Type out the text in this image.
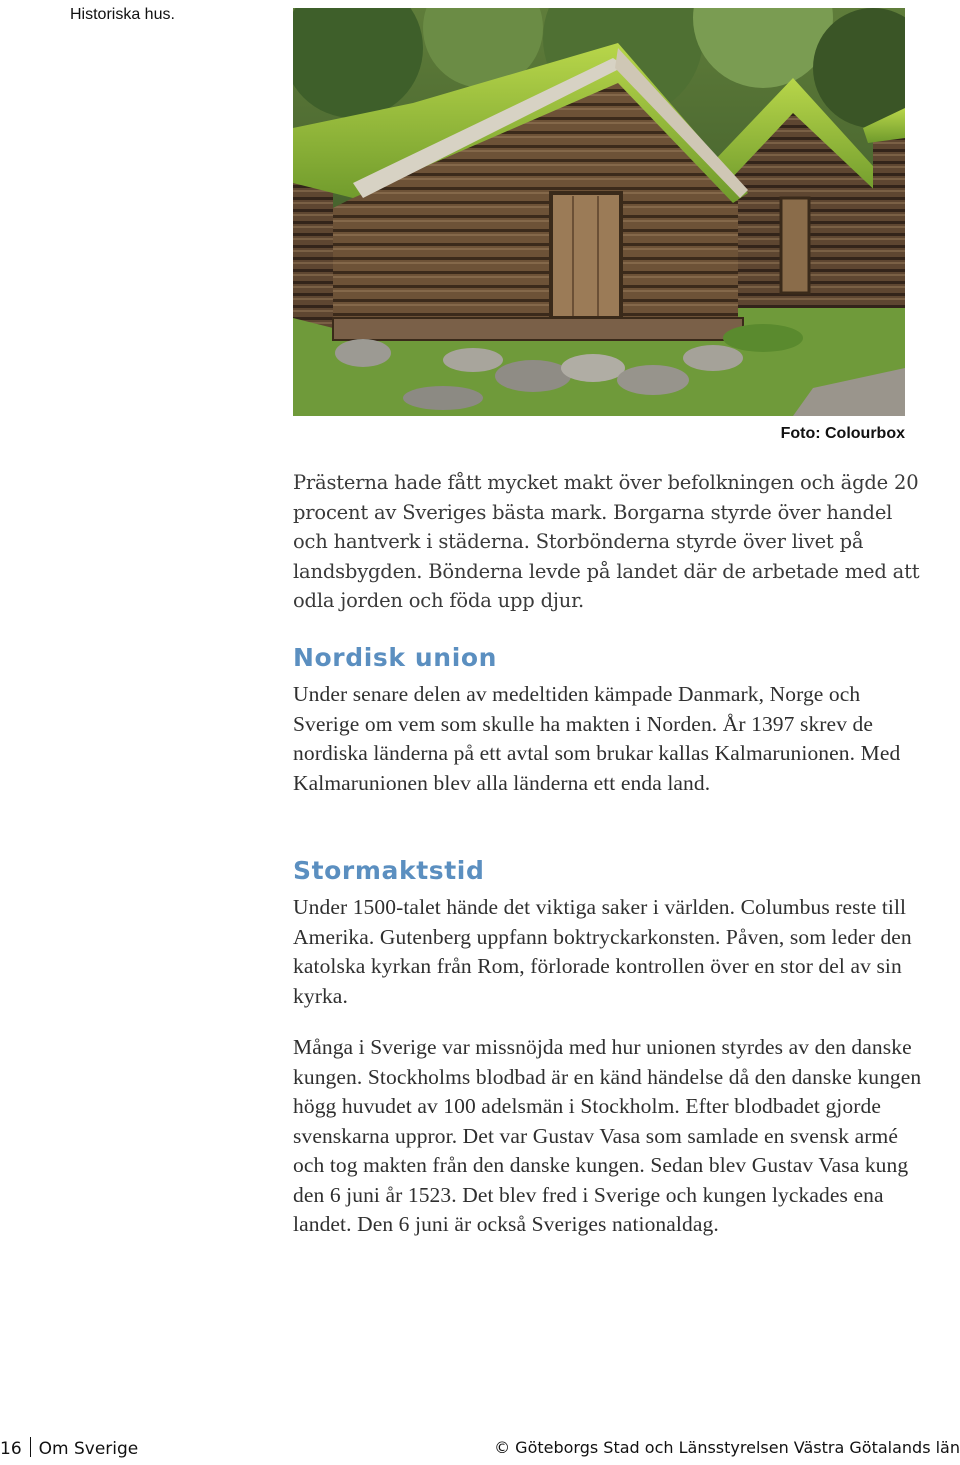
Historiska hus.
Foto: Colourbox

Prästerna hade fått mycket makt över befolkningen och ägde 20 procent av Sveriges bästa mark. Borgarna styrde över handel och hantverk i städerna. Storbönderna styrde över livet på landsbygden. Bönderna levde på landet där de arbetade med att odla jorden och föda upp djur.

Nordisk union

Under senare delen av medeltiden kämpade Danmark, Norge och Sverige om vem som skulle ha makten i Norden. År 1397 skrev de nordiska länderna på ett avtal som brukar kallas Kalmarunionen. Med Kalmarunionen blev alla länderna ett enda land.

Stormaktstid

Under 1500-talet hände det viktiga saker i världen. Columbus reste till Amerika. Gutenberg uppfann boktryckarkonsten. Påven, som leder den katolska kyrkan från Rom, förlorade kontrollen över en stor del av sin kyrka.

Många i Sverige var missnöjda med hur unionen styrdes av den danske kungen. Stockholms blodbad är en känd händelse då den danske kungen högg huvudet av 100 adelsmän i Stockholm. Efter blodbadet gjorde svenskarna uppror. Det var Gustav Vasa som samlade en svensk armé och tog makten från den danske kungen. Sedan blev Gustav Vasa kung den 6 juni år 1523. Det blev fred i Sverige och kungen lyckades ena landet. Den 6 juni är också Sveriges nationaldag.

16 Om Sverige	© Göteborgs Stad och Länsstyrelsen Västra Götalands län
